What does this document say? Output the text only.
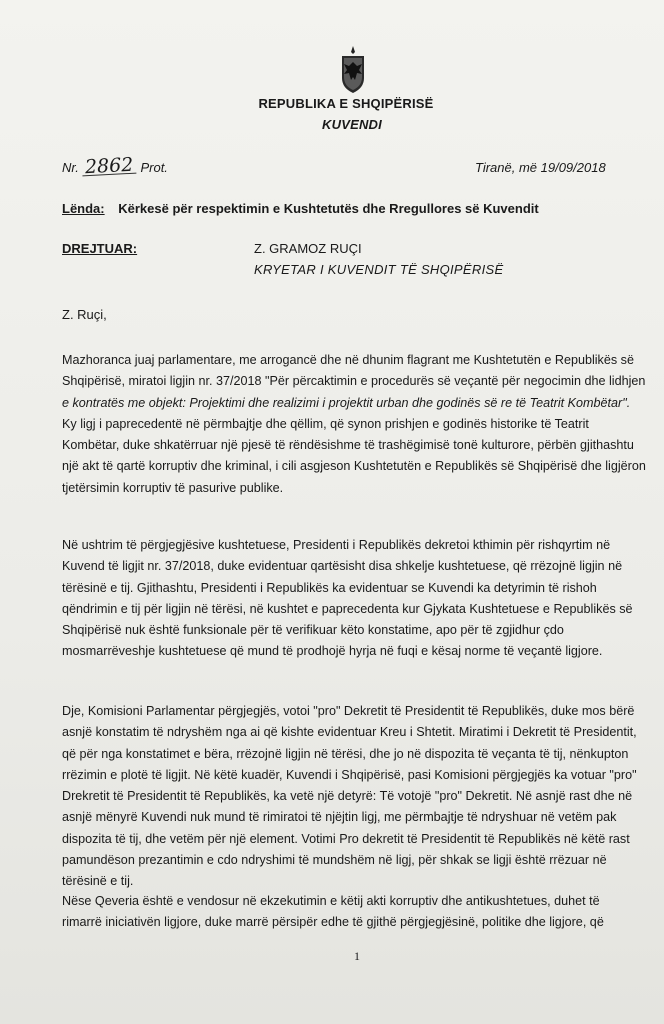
REPUBLIKA E SHQIPËRISË
KUVENDI
Nr. 2862 Prot.	Tiranë, më 19/09/2018
Lënda: Kërkesë për respektimin e Kushtetutës dhe Rregullores së Kuvendit
DREJTUAR:	Z. GRAMOZ RUÇI
KRYETAR I KUVENDIT TË SHQIPËRISË
Z. Ruçi,
Mazhoranca juaj parlamentare, me arrogancë dhe në dhunim flagrant me Kushtetutën e Republikës së
Shqipërisë, miratoi ligjin nr. 37/2018 "Për përcaktimin e procedurës së veçantë për negocimin dhe lidhjen
e kontratës me objekt: Projektimi dhe realizimi i projektit urban dhe godinës së re të Teatrit Kombëtar".
Ky ligj i paprecedentë në përmbajtje dhe qëllim, që synon prishjen e godinës historike të Teatrit
Kombëtar, duke shkatërruar një pjesë të rëndësishme të trashëgimisë tonë kulturore, përbën gjithashtu
një akt të qartë korruptiv dhe kriminal, i cili asgjeson Kushtetutën e Republikës së Shqipërisë dhe ligjëron
tjetërsimin korruptiv të pasurive publike.
Në ushtrim të përgjegjësive kushtetuese, Presidenti i Republikës dekretoi kthimin për rishqyrtim në
Kuvend të ligjit nr. 37/2018, duke evidentuar qartësisht disa shkelje kushtetuese, që rrëzojnë ligjin në
tërësinë e tij. Gjithashtu, Presidenti i Republikës ka evidentuar se Kuvendi ka detyrimin të rishoh
qëndrimin e tij për ligjin në tërësi, në kushtet e paprecedenta kur Gjykata Kushtetuese e Republikës së
Shqipërisë nuk është funksionale për të verifikuar këto konstatime, apo për të zgjidhur çdo
mosmarrëveshje kushtetuese që mund të prodhojë hyrja në fuqi e kësaj norme të veçantë ligjore.
Dje, Komisioni Parlamentar përgjegjës, votoi "pro" Dekretit të Presidentit të Republikës, duke mos bërë
asnjë konstatim të ndryshëm nga ai që kishte evidentuar Kreu i Shtetit. Miratimi i Dekretit të Presidentit,
që për nga konstatimet e bëra, rrëzojnë ligjin në tërësi, dhe jo në dispozita të veçanta të tij, nënkupton
rrëzimin e plotë të ligjit. Në këtë kuadër, Kuvendi i Shqipërisë, pasi Komisioni përgjegjës ka votuar "pro"
Drekretit të Presidentit të Republikës, ka vetë një detyrë: Të votojë "pro" Dekretit. Në asnjë rast dhe në
asnjë mënyrë Kuvendi nuk mund të rimiratoi të njëjtin ligj, me përmbajtje të ndryshuar në vetëm pak
dispozita të tij, dhe vetëm për një element. Votimi Pro dekretit të Presidentit të Republikës në këtë rast
pamundëson prezantimin e cdo ndryshimi të mundshëm në ligj, për shkak se ligji është rrëzuar në
tërësinë e tij.
Nëse Qeveria është e vendosur në ekzekutimin e këtij akti korruptiv dhe antikushtetues, duhet të
rimarrë iniciativën ligjore, duke marrë përsipër edhe të gjithë përgjegjësinë, politike dhe ligjore, që
1
